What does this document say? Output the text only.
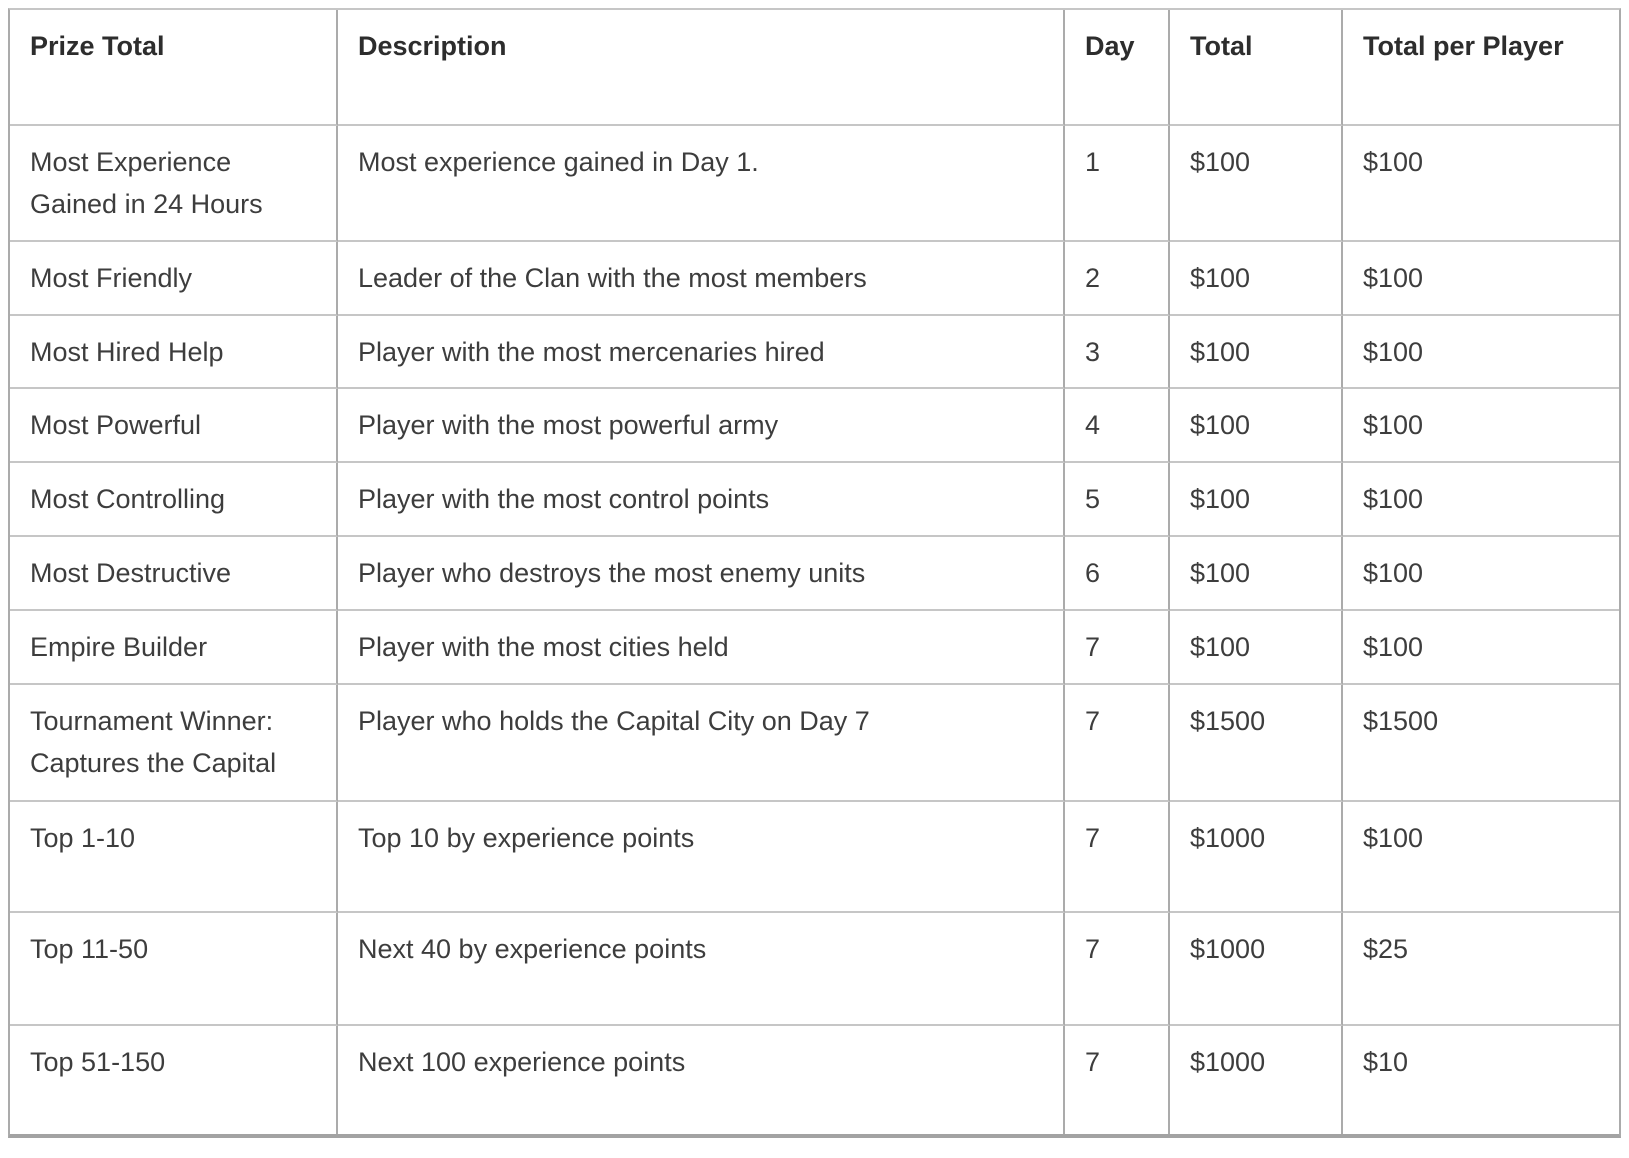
Prize Total	Description	Day	Total	Total per Player
Most Experience Gained in 24 Hours	Most experience gained in Day 1.	1	$100	$100
Most Friendly	Leader of the Clan with the most members	2	$100	$100
Most Hired Help	Player with the most mercenaries hired	3	$100	$100
Most Powerful	Player with the most powerful army	4	$100	$100
Most Controlling	Player with the most control points	5	$100	$100
Most Destructive	Player who destroys the most enemy units	6	$100	$100
Empire Builder	Player with the most cities held	7	$100	$100
Tournament Winner: Captures the Capital	Player who holds the Capital City on Day 7	7	$1500	$1500
Top 1-10	Top 10 by experience points	7	$1000	$100
Top 11-50	Next 40 by experience points	7	$1000	$25
Top 51-150	Next 100 experience points	7	$1000	$10
